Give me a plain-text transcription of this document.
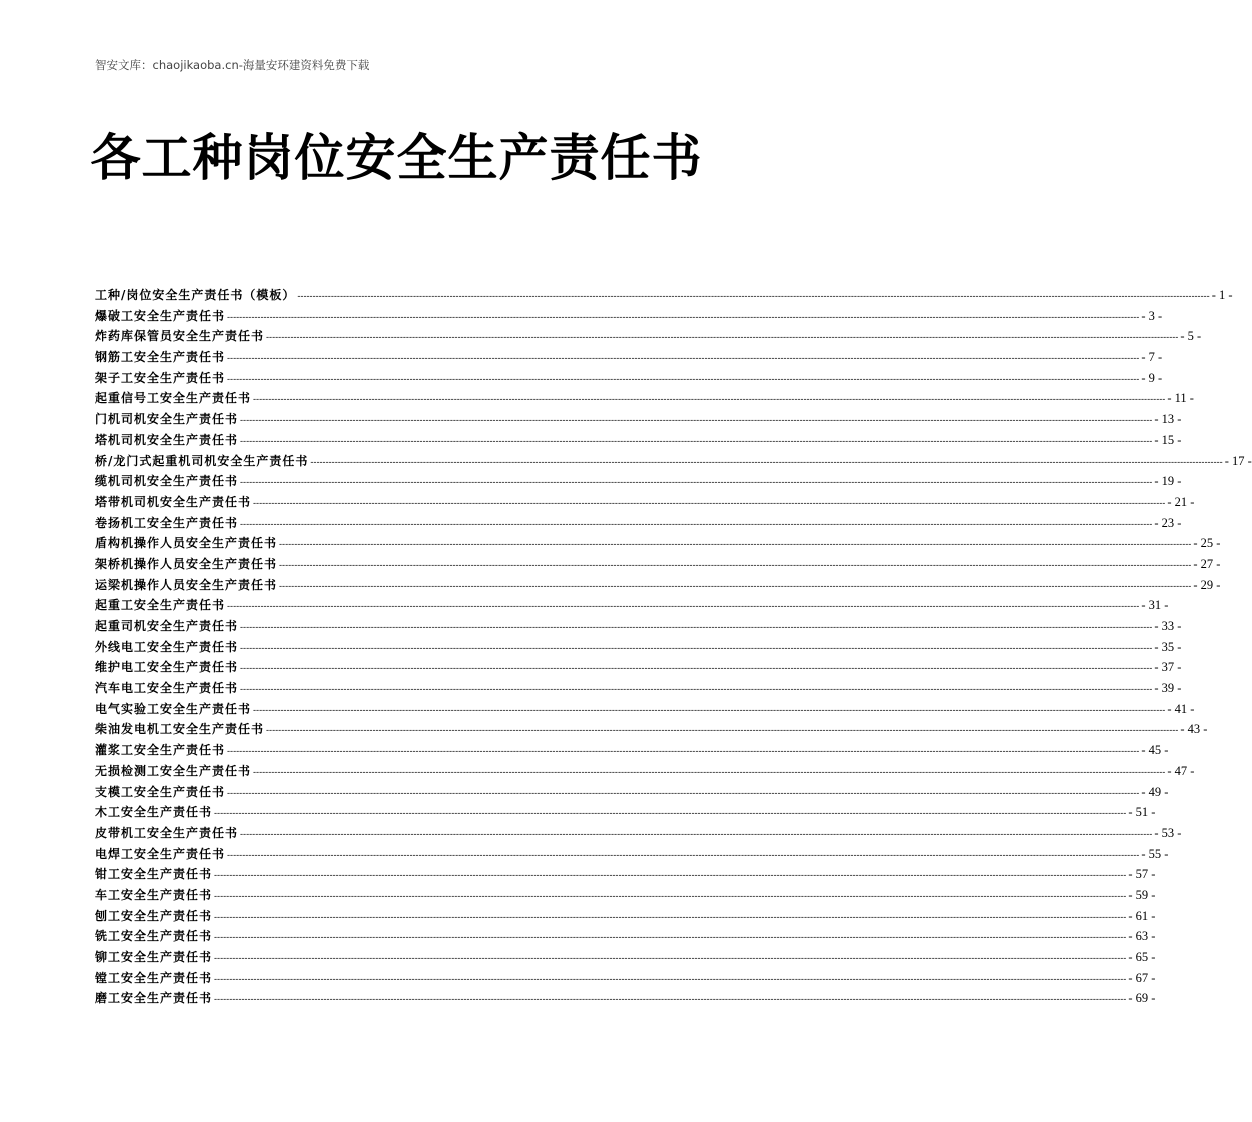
智安文库：chaojikaoba.cn-海量安环建资料免费下载
各工种岗位安全生产责任书
工种/岗位安全生产责任书（模板） ------------------------------------------------------------------------------------------------------------------------------------------------------------------------------------------------------------------------------------------------------------------------------------------------------------ - 1 -
爆破工安全生产责任书 ------------------------------------------------------------------------------------------------------------------------------------------------------------------------------------------------------------------------------------------------------------------------------------------------------------ - 3 -
炸药库保管员安全生产责任书 ------------------------------------------------------------------------------------------------------------------------------------------------------------------------------------------------------------------------------------------------------------------------------------------------------------ - 5 -
钢筋工安全生产责任书 ------------------------------------------------------------------------------------------------------------------------------------------------------------------------------------------------------------------------------------------------------------------------------------------------------------ - 7 -
架子工安全生产责任书 ------------------------------------------------------------------------------------------------------------------------------------------------------------------------------------------------------------------------------------------------------------------------------------------------------------ - 9 -
起重信号工安全生产责任书 ------------------------------------------------------------------------------------------------------------------------------------------------------------------------------------------------------------------------------------------------------------------------------------------------------------ - 11 -
门机司机安全生产责任书 ------------------------------------------------------------------------------------------------------------------------------------------------------------------------------------------------------------------------------------------------------------------------------------------------------------ - 13 -
塔机司机安全生产责任书 ------------------------------------------------------------------------------------------------------------------------------------------------------------------------------------------------------------------------------------------------------------------------------------------------------------ - 15 -
桥/龙门式起重机司机安全生产责任书 ------------------------------------------------------------------------------------------------------------------------------------------------------------------------------------------------------------------------------------------------------------------------------------------------------------ - 17 -
缆机司机安全生产责任书 ------------------------------------------------------------------------------------------------------------------------------------------------------------------------------------------------------------------------------------------------------------------------------------------------------------ - 19 -
塔带机司机安全生产责任书 ------------------------------------------------------------------------------------------------------------------------------------------------------------------------------------------------------------------------------------------------------------------------------------------------------------ - 21 -
卷扬机工安全生产责任书 ------------------------------------------------------------------------------------------------------------------------------------------------------------------------------------------------------------------------------------------------------------------------------------------------------------ - 23 -
盾构机操作人员安全生产责任书 ------------------------------------------------------------------------------------------------------------------------------------------------------------------------------------------------------------------------------------------------------------------------------------------------------------ - 25 -
架桥机操作人员安全生产责任书 ------------------------------------------------------------------------------------------------------------------------------------------------------------------------------------------------------------------------------------------------------------------------------------------------------------ - 27 -
运梁机操作人员安全生产责任书 ------------------------------------------------------------------------------------------------------------------------------------------------------------------------------------------------------------------------------------------------------------------------------------------------------------ - 29 -
起重工安全生产责任书 ------------------------------------------------------------------------------------------------------------------------------------------------------------------------------------------------------------------------------------------------------------------------------------------------------------ - 31 -
起重司机安全生产责任书 ------------------------------------------------------------------------------------------------------------------------------------------------------------------------------------------------------------------------------------------------------------------------------------------------------------ - 33 -
外线电工安全生产责任书 ------------------------------------------------------------------------------------------------------------------------------------------------------------------------------------------------------------------------------------------------------------------------------------------------------------ - 35 -
维护电工安全生产责任书 ------------------------------------------------------------------------------------------------------------------------------------------------------------------------------------------------------------------------------------------------------------------------------------------------------------ - 37 -
汽车电工安全生产责任书 ------------------------------------------------------------------------------------------------------------------------------------------------------------------------------------------------------------------------------------------------------------------------------------------------------------ - 39 -
电气实验工安全生产责任书 ------------------------------------------------------------------------------------------------------------------------------------------------------------------------------------------------------------------------------------------------------------------------------------------------------------ - 41 -
柴油发电机工安全生产责任书 ------------------------------------------------------------------------------------------------------------------------------------------------------------------------------------------------------------------------------------------------------------------------------------------------------------ - 43 -
灌浆工安全生产责任书 ------------------------------------------------------------------------------------------------------------------------------------------------------------------------------------------------------------------------------------------------------------------------------------------------------------ - 45 -
无损检测工安全生产责任书 ------------------------------------------------------------------------------------------------------------------------------------------------------------------------------------------------------------------------------------------------------------------------------------------------------------ - 47 -
支模工安全生产责任书 ------------------------------------------------------------------------------------------------------------------------------------------------------------------------------------------------------------------------------------------------------------------------------------------------------------ - 49 -
木工安全生产责任书 ------------------------------------------------------------------------------------------------------------------------------------------------------------------------------------------------------------------------------------------------------------------------------------------------------------ - 51 -
皮带机工安全生产责任书 ------------------------------------------------------------------------------------------------------------------------------------------------------------------------------------------------------------------------------------------------------------------------------------------------------------ - 53 -
电焊工安全生产责任书 ------------------------------------------------------------------------------------------------------------------------------------------------------------------------------------------------------------------------------------------------------------------------------------------------------------ - 55 -
钳工安全生产责任书 ------------------------------------------------------------------------------------------------------------------------------------------------------------------------------------------------------------------------------------------------------------------------------------------------------------ - 57 -
车工安全生产责任书 ------------------------------------------------------------------------------------------------------------------------------------------------------------------------------------------------------------------------------------------------------------------------------------------------------------ - 59 -
刨工安全生产责任书 ------------------------------------------------------------------------------------------------------------------------------------------------------------------------------------------------------------------------------------------------------------------------------------------------------------ - 61 -
铣工安全生产责任书 ------------------------------------------------------------------------------------------------------------------------------------------------------------------------------------------------------------------------------------------------------------------------------------------------------------ - 63 -
铆工安全生产责任书 ------------------------------------------------------------------------------------------------------------------------------------------------------------------------------------------------------------------------------------------------------------------------------------------------------------ - 65 -
镗工安全生产责任书 ------------------------------------------------------------------------------------------------------------------------------------------------------------------------------------------------------------------------------------------------------------------------------------------------------------ - 67 -
磨工安全生产责任书 ------------------------------------------------------------------------------------------------------------------------------------------------------------------------------------------------------------------------------------------------------------------------------------------------------------ - 69 -
